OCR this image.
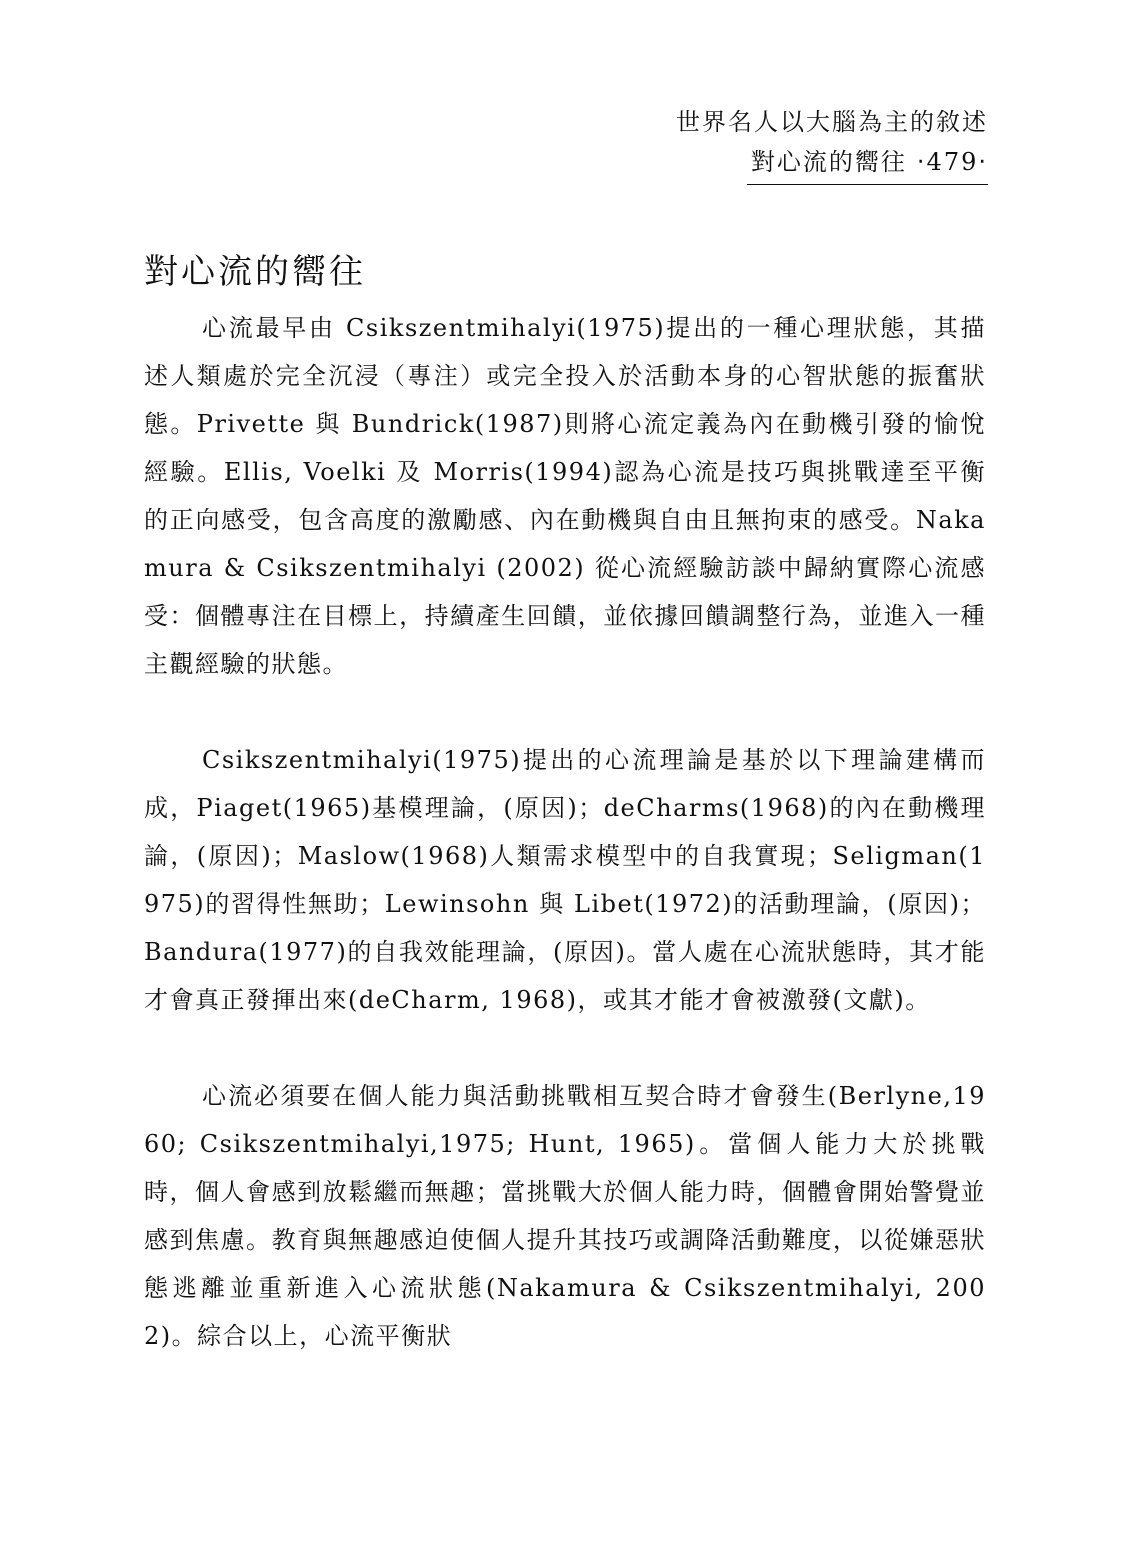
世界名人以大腦為主的敘述
對心流的嚮往 ‧479‧
對心流的嚮往

心流最早由 Csikszentmihalyi(1975)提出的一種心理狀態，其描述人類處於完全沉浸（專注）或完全投入於活動本身的心智狀態的振奮狀態。Privette 與 Bundrick(1987)則將心流定義為內在動機引發的愉悅經驗。Ellis, Voelki 及 Morris(1994)認為心流是技巧與挑戰達至平衡的正向感受，包含高度的激勵感、內在動機與自由且無拘束的感受。Nakamura & Csikszentmihalyi (2002) 從心流經驗訪談中歸納實際心流感受：個體專注在目標上，持續產生回饋，並依據回饋調整行為，並進入一種主觀經驗的狀態。

Csikszentmihalyi(1975)提出的心流理論是基於以下理論建構而成，Piaget(1965)基模理論，(原因)；deCharms(1968)的內在動機理論，(原因)；Maslow(1968)人類需求模型中的自我實現；Seligman(1975)的習得性無助；Lewinsohn 與 Libet(1972)的活動理論，(原因)；Bandura(1977)的自我效能理論，(原因)。當人處在心流狀態時，其才能才會真正發揮出來(deCharm, 1968)，或其才能才會被激發(文獻)。

心流必須要在個人能力與活動挑戰相互契合時才會發生(Berlyne,1960; Csikszentmihalyi,1975; Hunt, 1965)。當個人能力大於挑戰時，個人會感到放鬆繼而無趣；當挑戰大於個人能力時，個體會開始警覺並感到焦慮。教育與無趣感迫使個人提升其技巧或調降活動難度，以從嫌惡狀態逃離並重新進入心流狀態(Nakamura & Csikszentmihalyi, 2002)。綜合以上，心流平衡狀
